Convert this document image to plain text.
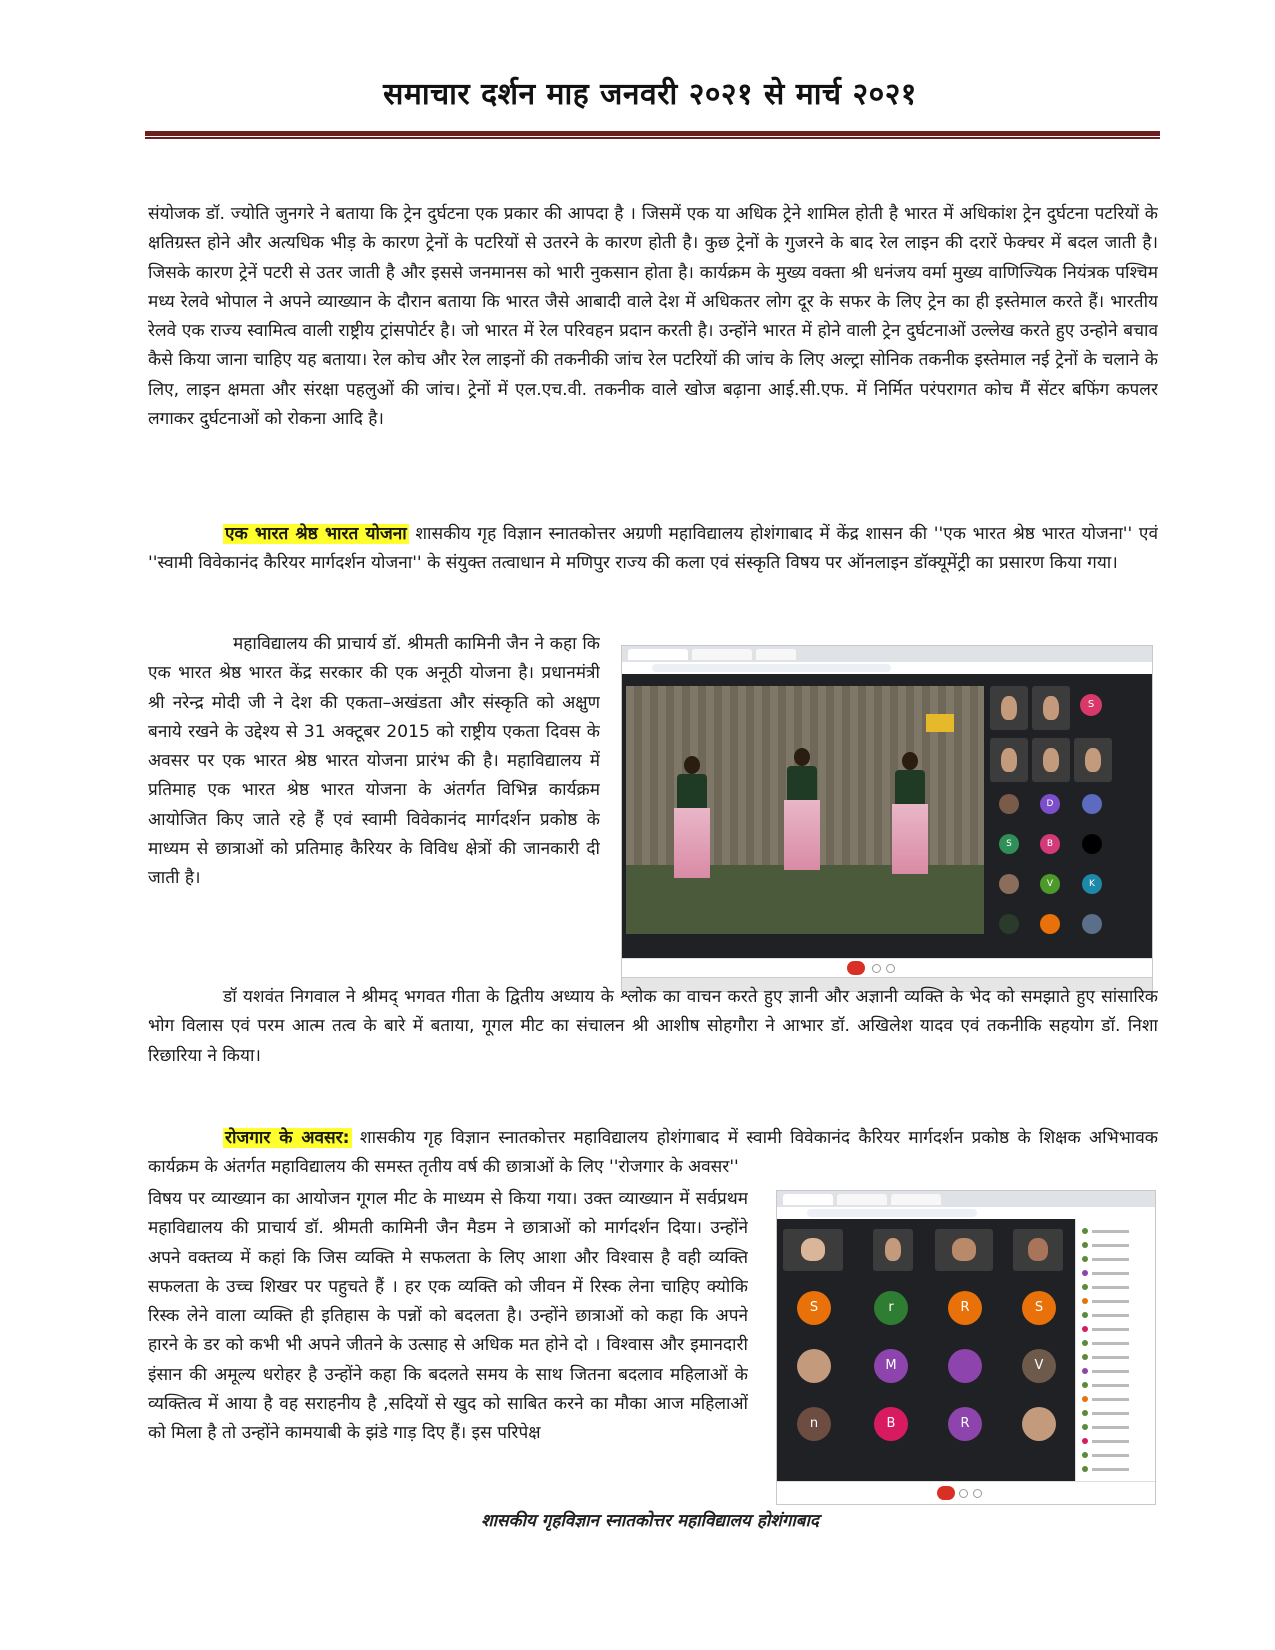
समाचार दर्शन माह जनवरी २०२१ से मार्च २०२१

संयोजक डॉ. ज्योति जुनगरे ने बताया कि ट्रेन दुर्घटना एक प्रकार की आपदा है । जिसमें एक या अधिक ट्रेने शामिल होती है भारत में अधिकांश ट्रेन दुर्घटना पटरियों के क्षतिग्रस्त होने और अत्यधिक भीड़ के कारण ट्रेनों के पटरियों से उतरने के कारण होती है। कुछ ट्रेनों के गुजरने के बाद रेल लाइन की दरारें फेक्चर में बदल जाती है। जिसके कारण ट्रेनें पटरी से उतर जाती है और इससे जनमानस को भारी नुकसान होता है। कार्यक्रम के मुख्य वक्ता श्री धनंजय वर्मा मुख्य वाणिज्यिक नियंत्रक पश्चिम मध्य रेलवे भोपाल ने अपने व्याख्यान के दौरान बताया कि भारत जैसे आबादी वाले देश में अधिकतर लोग दूर के सफर के लिए ट्रेन का ही इस्तेमाल करते हैं। भारतीय रेलवे एक राज्य स्वामित्व वाली राष्ट्रीय ट्रांसपोर्टर है। जो भारत में रेल परिवहन प्रदान करती है। उन्होंने भारत में होने वाली ट्रेन दुर्घटनाओं उल्लेख करते हुए उन्होने बचाव कैसे किया जाना चाहिए यह बताया। रेल कोच और रेल लाइनों की तकनीकी जांच रेल पटरियों की जांच के लिए अल्ट्रा सोनिक तकनीक इस्तेमाल नई ट्रेनों के चलाने के लिए, लाइन क्षमता और संरक्षा पहलुओं की जांच। ट्रेनों में एल.एच.वी. तकनीक वाले खोज बढ़ाना आई.सी.एफ. में निर्मित परंपरागत कोच मैं सेंटर बफिंग कपलर लगाकर दुर्घटनाओं को रोकना आदि है।

एक भारत श्रेष्ठ भारत योजना शासकीय गृह विज्ञान स्नातकोत्तर अग्रणी महाविद्यालय होशंगाबाद में केंद्र शासन की ''एक भारत श्रेष्ठ भारत योजना'' एवं ''स्वामी विवेकानंद कैरियर मार्गदर्शन योजना'' के संयुक्त तत्वाधान मे मणिपुर राज्य की कला एवं संस्कृति विषय पर ऑनलाइन डॉक्यूमेंट्री का प्रसारण किया गया।

महाविद्यालय की प्राचार्य डॉ. श्रीमती कामिनी जैन ने कहा कि एक भारत श्रेष्ठ भारत केंद्र सरकार की एक अनूठी योजना है। प्रधानमंत्री श्री नरेन्द्र मोदी जी ने देश की एकता–अखंडता और संस्कृति को अक्षुण बनाये रखने के उद्देश्य से 31 अक्टूबर 2015 को राष्ट्रीय एकता दिवस के अवसर पर एक भारत श्रेष्ठ भारत योजना प्रारंभ की है। महाविद्यालय में प्रतिमाह एक भारत श्रेष्ठ भारत योजना के अंतर्गत विभिन्न कार्यक्रम आयोजित किए जाते रहे हैं एवं स्वामी विवेकानंद मार्गदर्शन प्रकोष्ठ के माध्यम से छात्राओं को प्रतिमाह कैरियर के विविध क्षेत्रों की जानकारी दी जाती है।

S
D
S	B
V	K

डॉ यशवंत निगवाल ने श्रीमद् भगवत गीता के द्वितीय अध्याय के श्लोक का वाचन करते हुए ज्ञानी और अज्ञानी व्यक्ति के भेद को समझाते हुए सांसारिक भोग विलास एवं परम आत्म तत्व के बारे में बताया, गूगल मीट का संचालन श्री आशीष सोहगौरा ने आभार डॉ. अखिलेश यादव एवं तकनीकि सहयोग डॉ. निशा रिछारिया ने किया।

रोजगार के अवसर: शासकीय गृह विज्ञान स्नातकोत्तर महाविद्यालय होशंगाबाद में स्वामी विवेकानंद कैरियर मार्गदर्शन प्रकोष्ठ के शिक्षक अभिभावक कार्यक्रम के अंतर्गत महाविद्यालय की समस्त तृतीय वर्ष की छात्राओं के लिए ''रोजगार के अवसर''

विषय पर व्याख्यान का आयोजन गूगल मीट के माध्यम से किया गया। उक्त व्याख्यान में सर्वप्रथम महाविद्यालय की प्राचार्य डॉ. श्रीमती कामिनी जैन मैडम ने छात्राओं को मार्गदर्शन दिया। उन्होंने अपने वक्तव्य में कहां कि जिस व्यक्ति मे सफलता के लिए आशा और विश्वास है वही व्यक्ति सफलता के उच्च शिखर पर पहुचते हैं । हर एक व्यक्ति को जीवन में रिस्क लेना चाहिए क्योकि रिस्क लेने वाला व्यक्ति ही इतिहास के पन्नों को बदलता है। उन्होंने छात्राओं को कहा कि अपने हारने के डर को कभी भी अपने जीतने के उत्साह से अधिक मत होने दो । विश्वास और इमानदारी इंसान की अमूल्य धरोहर है उन्होंने कहा कि बदलते समय के साथ जितना बदलाव महिलाओं के व्यक्तित्व में आया है वह सराहनीय है ,सदियों से खुद को साबित करने का मौका आज महिलाओं को मिला है तो उन्होंने कामयाबी के झंडे गाड़ दिए हैं। इस परिपेक्ष

S	r	R	S
M	V
n	B	R
शासकीय गृहविज्ञान स्नातकोत्तर महाविद्यालय होशंगाबाद
